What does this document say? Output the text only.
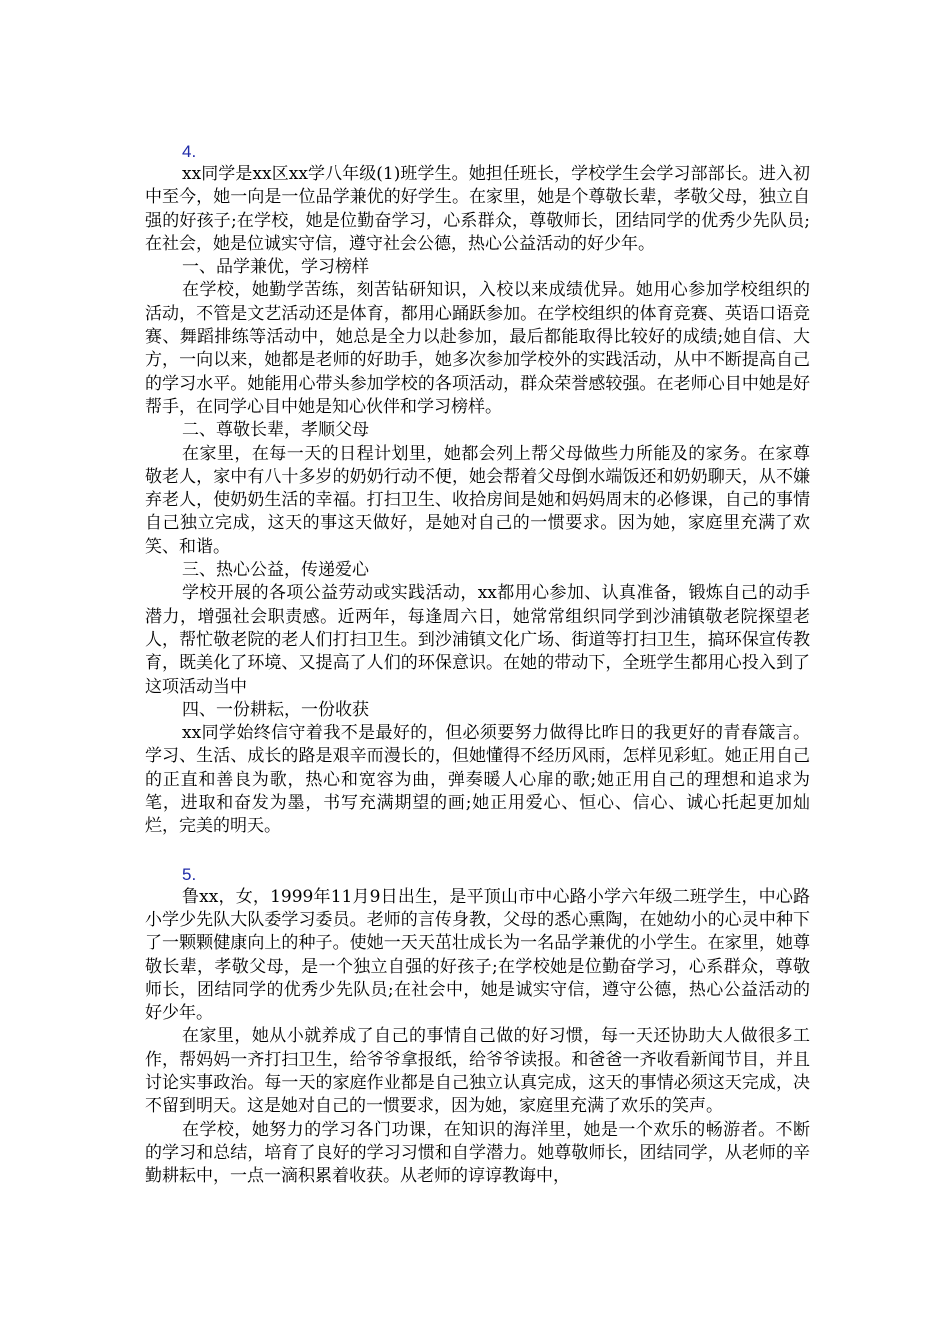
4.

xx同学是xx区xx学八年级(1)班学生。她担任班长，学校学生会学习部部长。进入初中至今，她一向是一位品学兼优的好学生。在家里，她是个尊敬长辈，孝敬父母，独立自强的好孩子;在学校，她是位勤奋学习，心系群众，尊敬师长，团结同学的优秀少先队员;在社会，她是位诚实守信，遵守社会公德，热心公益活动的好少年。

一、品学兼优，学习榜样

在学校，她勤学苦练，刻苦钻研知识，入校以来成绩优异。她用心参加学校组织的活动，不管是文艺活动还是体育，都用心踊跃参加。在学校组织的体育竞赛、英语口语竞赛、舞蹈排练等活动中，她总是全力以赴参加，最后都能取得比较好的成绩;她自信、大方，一向以来，她都是老师的好助手，她多次参加学校外的实践活动，从中不断提高自己的学习水平。她能用心带头参加学校的各项活动，群众荣誉感较强。在老师心目中她是好帮手，在同学心目中她是知心伙伴和学习榜样。

二、尊敬长辈，孝顺父母

在家里，在每一天的日程计划里，她都会列上帮父母做些力所能及的家务。在家尊敬老人，家中有八十多岁的奶奶行动不便，她会帮着父母倒水端饭还和奶奶聊天，从不嫌弃老人，使奶奶生活的幸福。打扫卫生、收拾房间是她和妈妈周末的必修课，自己的事情自己独立完成，这天的事这天做好，是她对自己的一惯要求。因为她，家庭里充满了欢笑、和谐。

三、热心公益，传递爱心

学校开展的各项公益劳动或实践活动，xx都用心参加、认真准备，锻炼自己的动手潜力，增强社会职责感。近两年，每逢周六日，她常常组织同学到沙浦镇敬老院探望老人，帮忙敬老院的老人们打扫卫生。到沙浦镇文化广场、街道等打扫卫生，搞环保宣传教育，既美化了环境、又提高了人们的环保意识。在她的带动下，全班学生都用心投入到了这项活动当中

四、一份耕耘，一份收获

xx同学始终信守着我不是最好的，但必须要努力做得比昨日的我更好的青春箴言。学习、生活、成长的路是艰辛而漫长的，但她懂得不经历风雨，怎样见彩虹。她正用自己的正直和善良为歌，热心和宽容为曲，弹奏暖人心扉的歌;她正用自己的理想和追求为笔，进取和奋发为墨，书写充满期望的画;她正用爱心、恒心、信心、诚心托起更加灿烂，完美的明天。

5.

鲁xx，女，1999年11月9日出生，是平顶山市中心路小学六年级二班学生，中心路小学少先队大队委学习委员。老师的言传身教，父母的悉心熏陶，在她幼小的心灵中种下了一颗颗健康向上的种子。使她一天天茁壮成长为一名品学兼优的小学生。在家里，她尊敬长辈，孝敬父母，是一个独立自强的好孩子;在学校她是位勤奋学习，心系群众，尊敬师长，团结同学的优秀少先队员;在社会中，她是诚实守信，遵守公德，热心公益活动的好少年。

在家里，她从小就养成了自己的事情自己做的好习惯，每一天还协助大人做很多工作，帮妈妈一齐打扫卫生，给爷爷拿报纸，给爷爷读报。和爸爸一齐收看新闻节目，并且讨论实事政治。每一天的家庭作业都是自己独立认真完成，这天的事情必须这天完成，决不留到明天。这是她对自己的一惯要求，因为她，家庭里充满了欢乐的笑声。

在学校，她努力的学习各门功课，在知识的海洋里，她是一个欢乐的畅游者。不断的学习和总结，培育了良好的学习习惯和自学潜力。她尊敬师长，团结同学，从老师的辛勤耕耘中，一点一滴积累着收获。从老师的谆谆教诲中，
